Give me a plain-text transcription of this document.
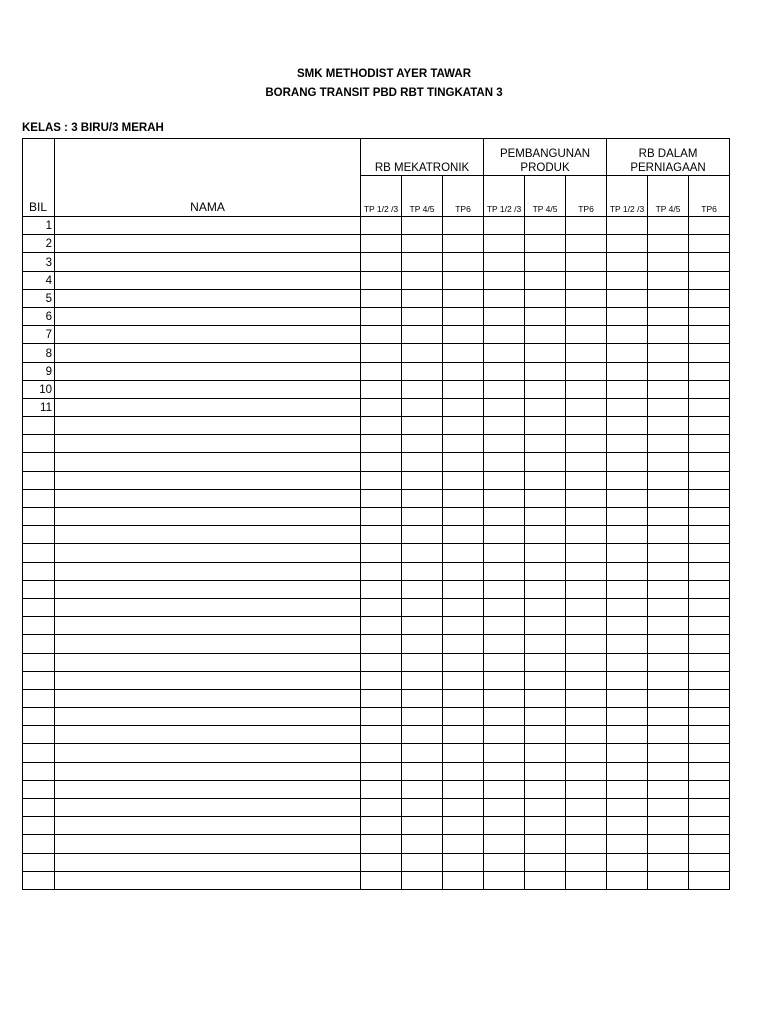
SMK METHODIST AYER TAWAR
BORANG TRANSIT PBD RBT TINGKATAN 3
KELAS : 3 BIRU/3 MERAH
BIL	NAMA	RB MEKATRONIK			PEMBANGUNAN PRODUK			RB DALAM PERNIAGAAN		
		TP 1/2 /3	TP 4/5	TP6	TP 1/2 /3	TP 4/5	TP6	TP 1/2 /3	TP 4/5	TP6
1										
2										
3										
4										
5										
6										
7										
8										
9										
10										
11										
